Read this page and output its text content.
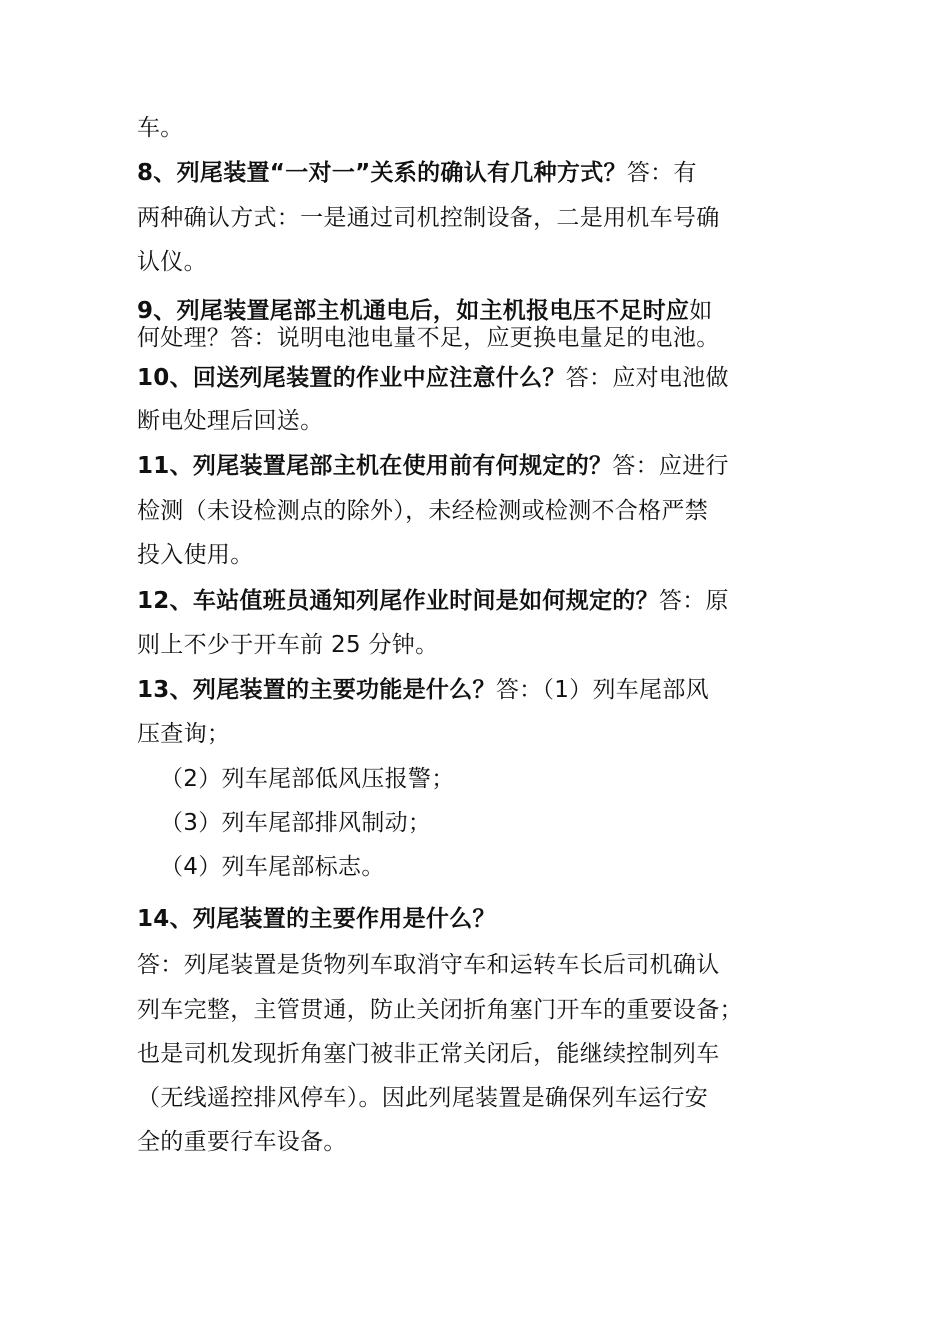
车。
8、列尾装置“一对一”关系的确认有几种方式？答：有
两种确认方式：一是通过司机控制设备，二是用机车号确
认仪。
9、列尾装置尾部主机通电后，如主机报电压不足时应如
何处理？答：说明电池电量不足，应更换电量足的电池。
10、回送列尾装置的作业中应注意什么？答：应对电池做
断电处理后回送。
11、列尾装置尾部主机在使用前有何规定的？答：应进行
检测（未设检测点的除外），未经检测或检测不合格严禁
投入使用。
12、车站值班员通知列尾作业时间是如何规定的？答：原
则上不少于开车前 25 分钟。
13、列尾装置的主要功能是什么？答：（1）列车尾部风
压查询；
（2）列车尾部低风压报警；
（3）列车尾部排风制动；
（4）列车尾部标志。
14、列尾装置的主要作用是什么？
答：列尾装置是货物列车取消守车和运转车长后司机确认
列车完整，主管贯通，防止关闭折角塞门开车的重要设备；
也是司机发现折角塞门被非正常关闭后，能继续控制列车
（无线遥控排风停车）。因此列尾装置是确保列车运行安
全的重要行车设备。
